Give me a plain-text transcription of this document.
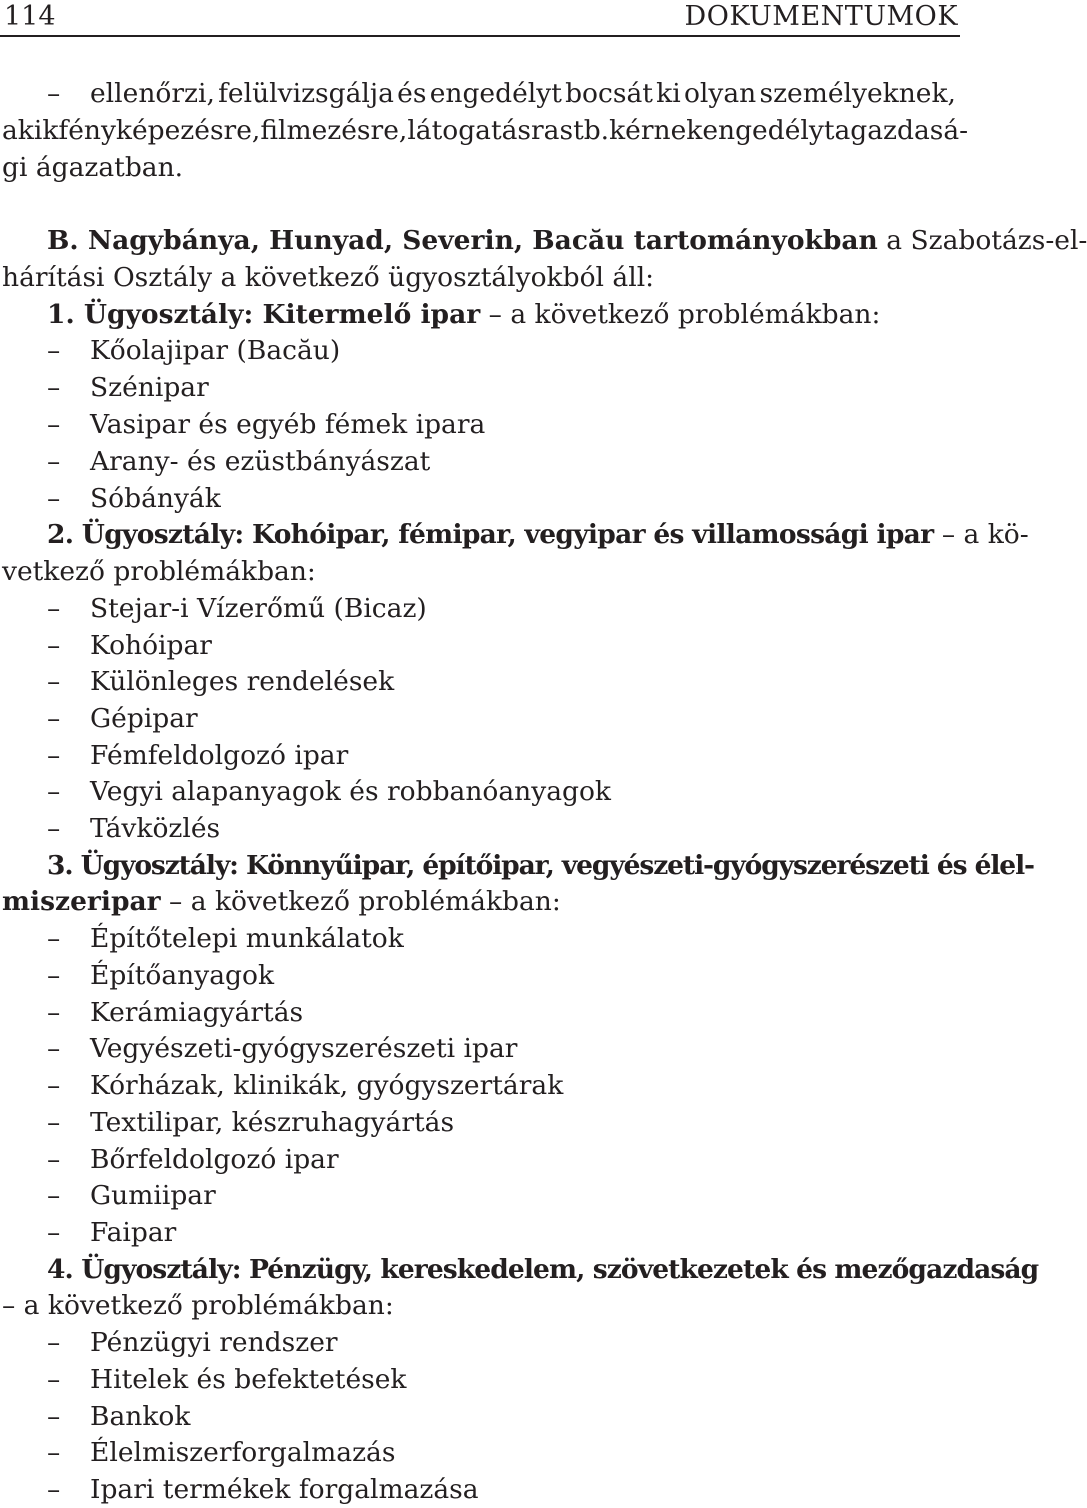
114	DOKUMENTUMOK
– ellenőrzi, felülvizsgálja és engedélyt bocsát ki olyan személyeknek,
akik fényképezésre, filmezésre, látogatásra stb. kérnek engedélyt a gazdasá-
gi ágazatban.
B. Nagybánya, Hunyad, Severin, Bacău tartományokban a Szabotázs-el-
hárítási Osztály a következő ügyosztályokból áll:
1. Ügyosztály: Kitermelő ipar – a következő problémákban:
– Kőolajipar (Bacău)
– Szénipar
– Vasipar és egyéb fémek ipara
– Arany- és ezüstbányászat
– Sóbányák
2. Ügyosztály: Kohóipar, fémipar, vegyipar és villamossági ipar – a kö-
vetkező problémákban:
– Stejar-i Vízerőmű (Bicaz)
– Kohóipar
– Különleges rendelések
– Gépipar
– Fémfeldolgozó ipar
– Vegyi alapanyagok és robbanóanyagok
– Távközlés
3. Ügyosztály: Könnyűipar, építőipar, vegyészeti-gyógyszerészeti és élel-
miszeripar – a következő problémákban:
– Építőtelepi munkálatok
– Építőanyagok
– Kerámiagyártás
– Vegyészeti-gyógyszerészeti ipar
– Kórházak, klinikák, gyógyszertárak
– Textilipar, készruhagyártás
– Bőrfeldolgozó ipar
– Gumiipar
– Faipar
4. Ügyosztály: Pénzügy, kereskedelem, szövetkezetek és mezőgazdaság
– a következő problémákban:
– Pénzügyi rendszer
– Hitelek és befektetések
– Bankok
– Élelmiszerforgalmazás
– Ipari termékek forgalmazása
